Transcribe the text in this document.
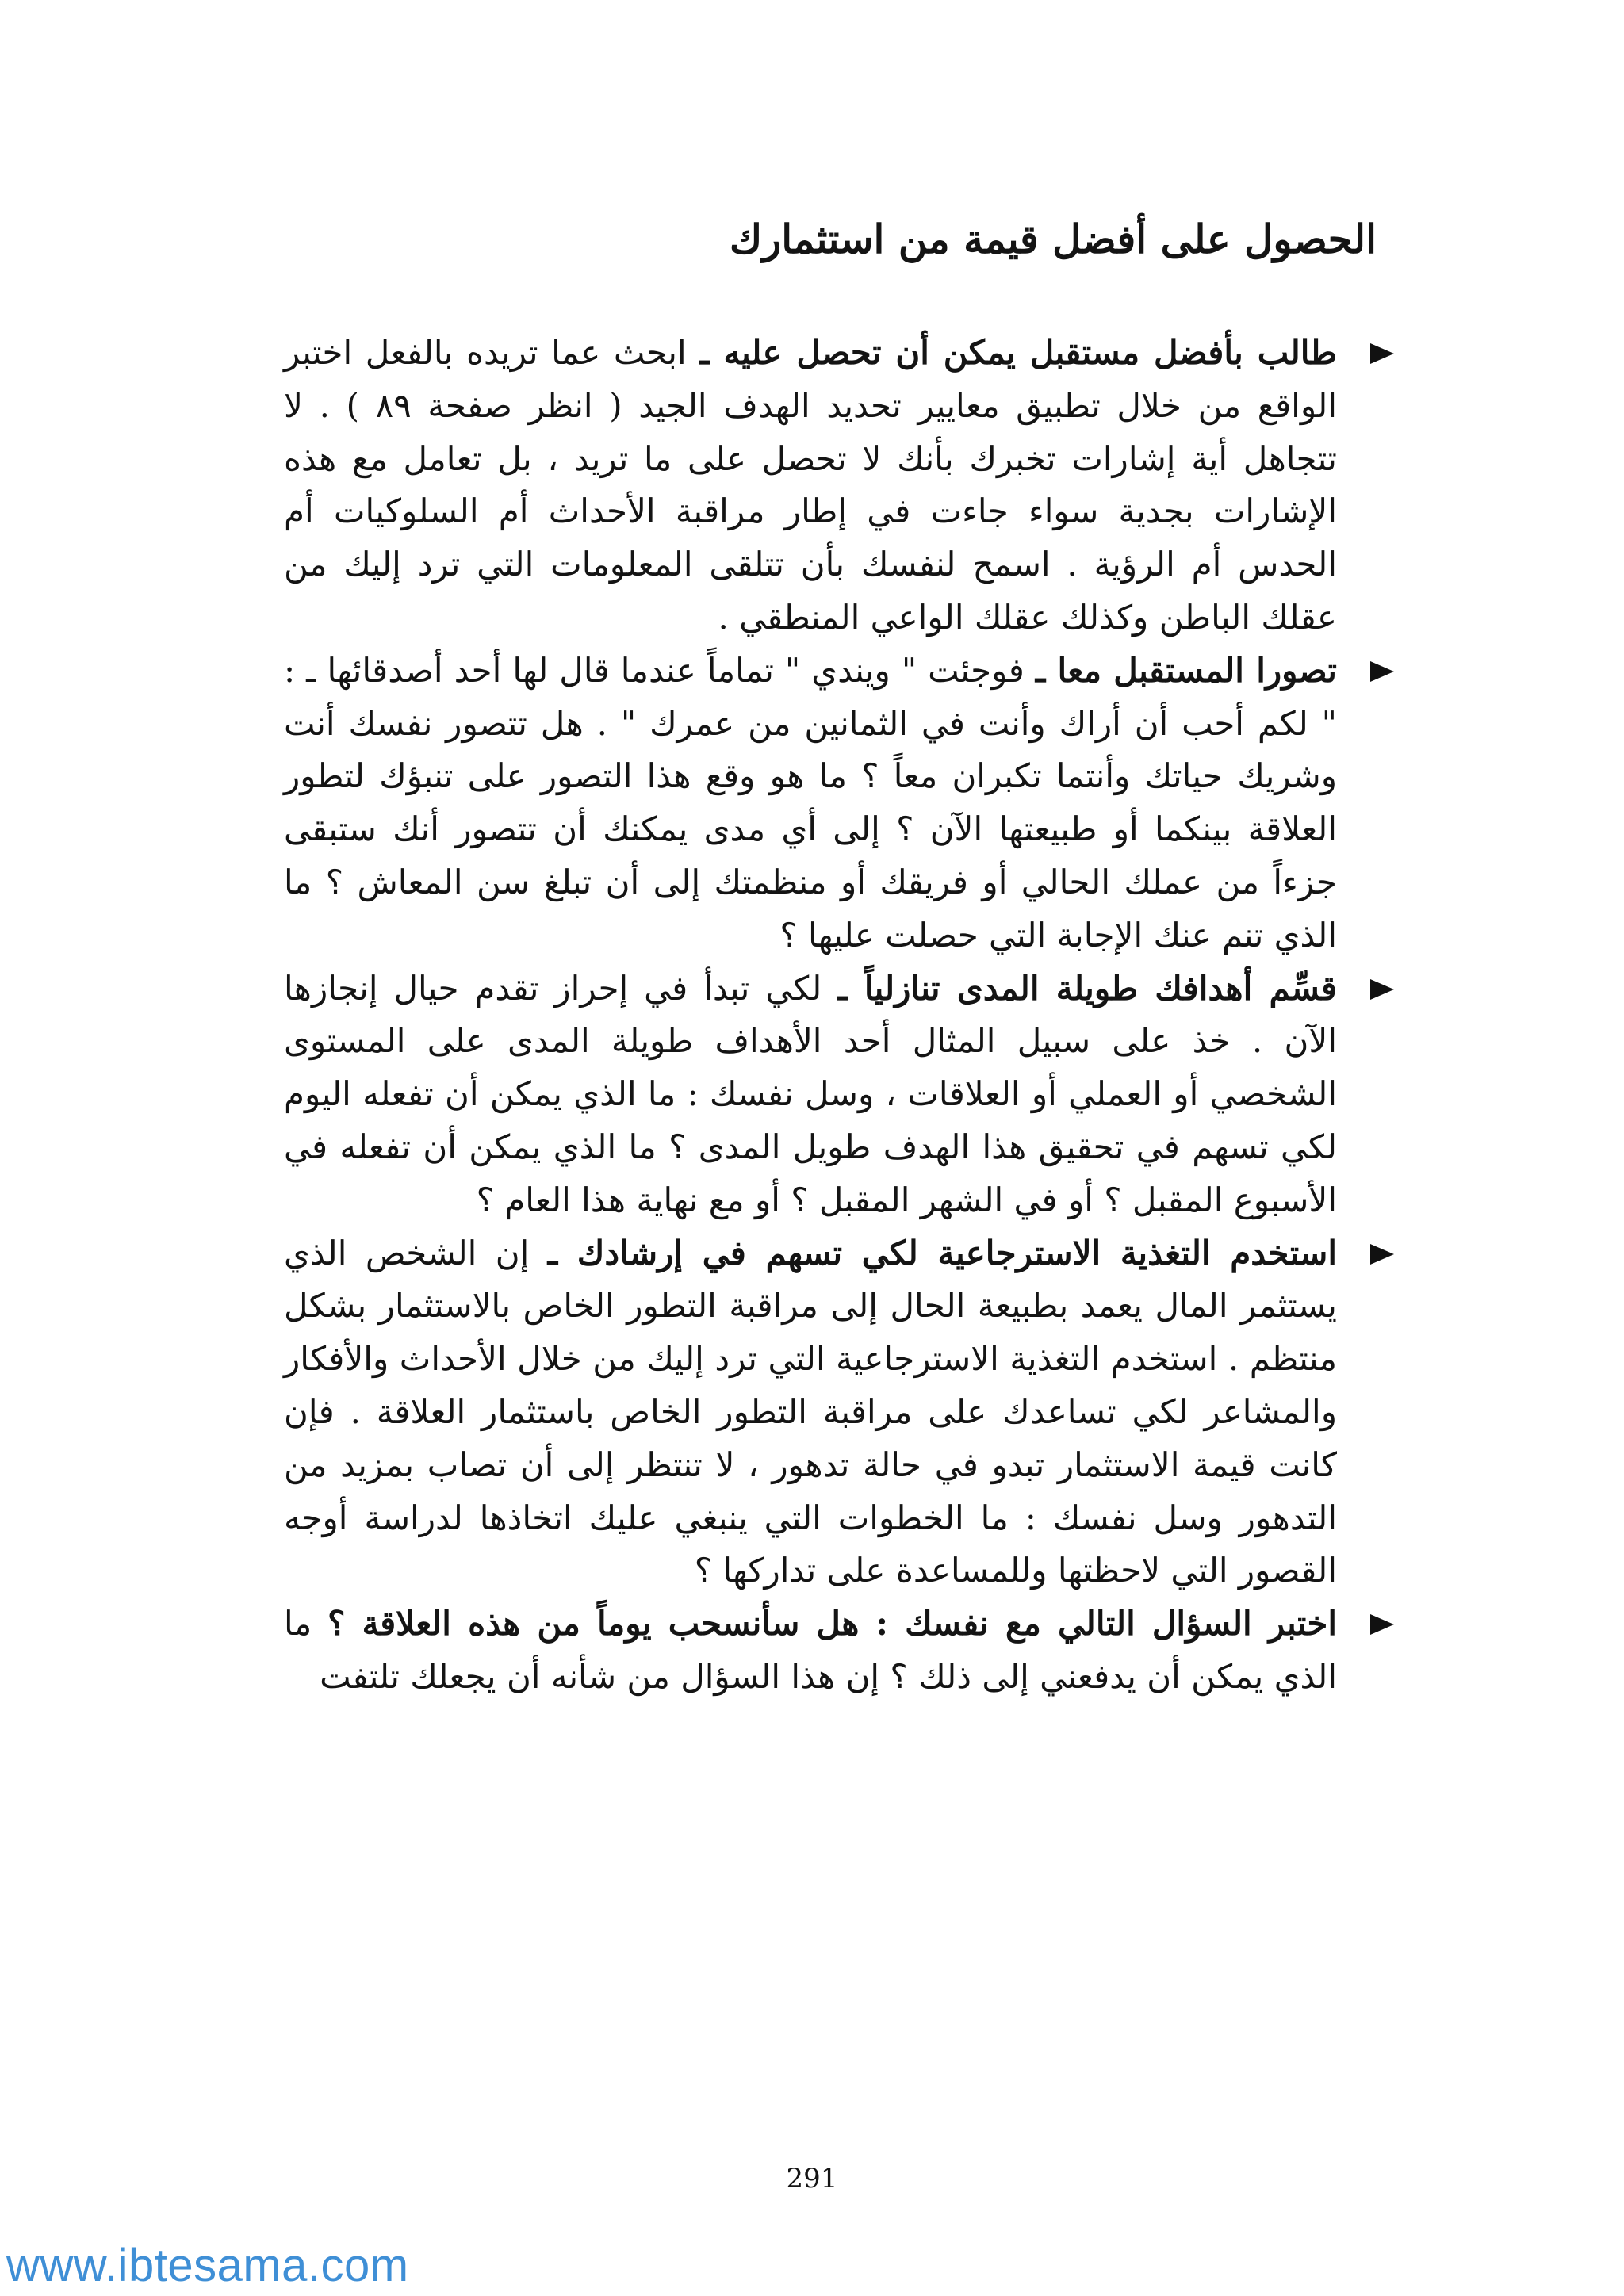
الحصول على أفضل قيمة من استثمارك
طالب بأفضل مستقبل يمكن أن تحصل عليه ـ ابحث عما تريده بالفعل اختبر الواقع من خلال تطبيق معايير تحديد الهدف الجيد ( انظر صفحة ٨٩ ) . لا تتجاهل أية إشارات تخبرك بأنك لا تحصل على ما تريد ، بل تعامل مع هذه الإشارات بجدية سواء جاءت في إطار مراقبة الأحداث أم السلوكيات أم الحدس أم الرؤية . اسمح لنفسك بأن تتلقى المعلومات التي ترد إليك من عقلك الباطن وكذلك عقلك الواعي المنطقي .
تصورا المستقبل معا ـ فوجئت " ويندي " تماماً عندما قال لها أحد أصدقائها ـ : " لكم أحب أن أراك وأنت في الثمانين من عمرك " . هل تتصور نفسك أنت وشريك حياتك وأنتما تكبران معاً ؟ ما هو وقع هذا التصور على تنبؤك لتطور العلاقة بينكما أو طبيعتها الآن ؟ إلى أي مدى يمكنك أن تتصور أنك ستبقى جزءاً من عملك الحالي أو فريقك أو منظمتك إلى أن تبلغ سن المعاش ؟ ما الذي تنم عنك الإجابة التي حصلت عليها ؟
قسِّم أهدافك طويلة المدى تنازلياً ـ لكي تبدأ في إحراز تقدم حيال إنجازها الآن . خذ على سبيل المثال أحد الأهداف طويلة المدى على المستوى الشخصي أو العملي أو العلاقات ، وسل نفسك : ما الذي يمكن أن تفعله اليوم لكي تسهم في تحقيق هذا الهدف طويل المدى ؟ ما الذي يمكن أن تفعله في الأسبوع المقبل ؟ أو في الشهر المقبل ؟ أو مع نهاية هذا العام ؟
استخدم التغذية الاسترجاعية لكي تسهم في إرشادك ـ إن الشخص الذي يستثمر المال يعمد بطبيعة الحال إلى مراقبة التطور الخاص بالاستثمار بشكل منتظم . استخدم التغذية الاسترجاعية التي ترد إليك من خلال الأحداث والأفكار والمشاعر لكي تساعدك على مراقبة التطور الخاص باستثمار العلاقة . فإن كانت قيمة الاستثمار تبدو في حالة تدهور ، لا تنتظر إلى أن تصاب بمزيد من التدهور وسل نفسك : ما الخطوات التي ينبغي عليك اتخاذها لدراسة أوجه القصور التي لاحظتها وللمساعدة على تداركها ؟
اختبر السؤال التالي مع نفسك : هل سأنسحب يوماً من هذه العلاقة ؟ ما الذي يمكن أن يدفعني إلى ذلك ؟ إن هذا السؤال من شأنه أن يجعلك تلتفت
291
www.ibtesama.com
